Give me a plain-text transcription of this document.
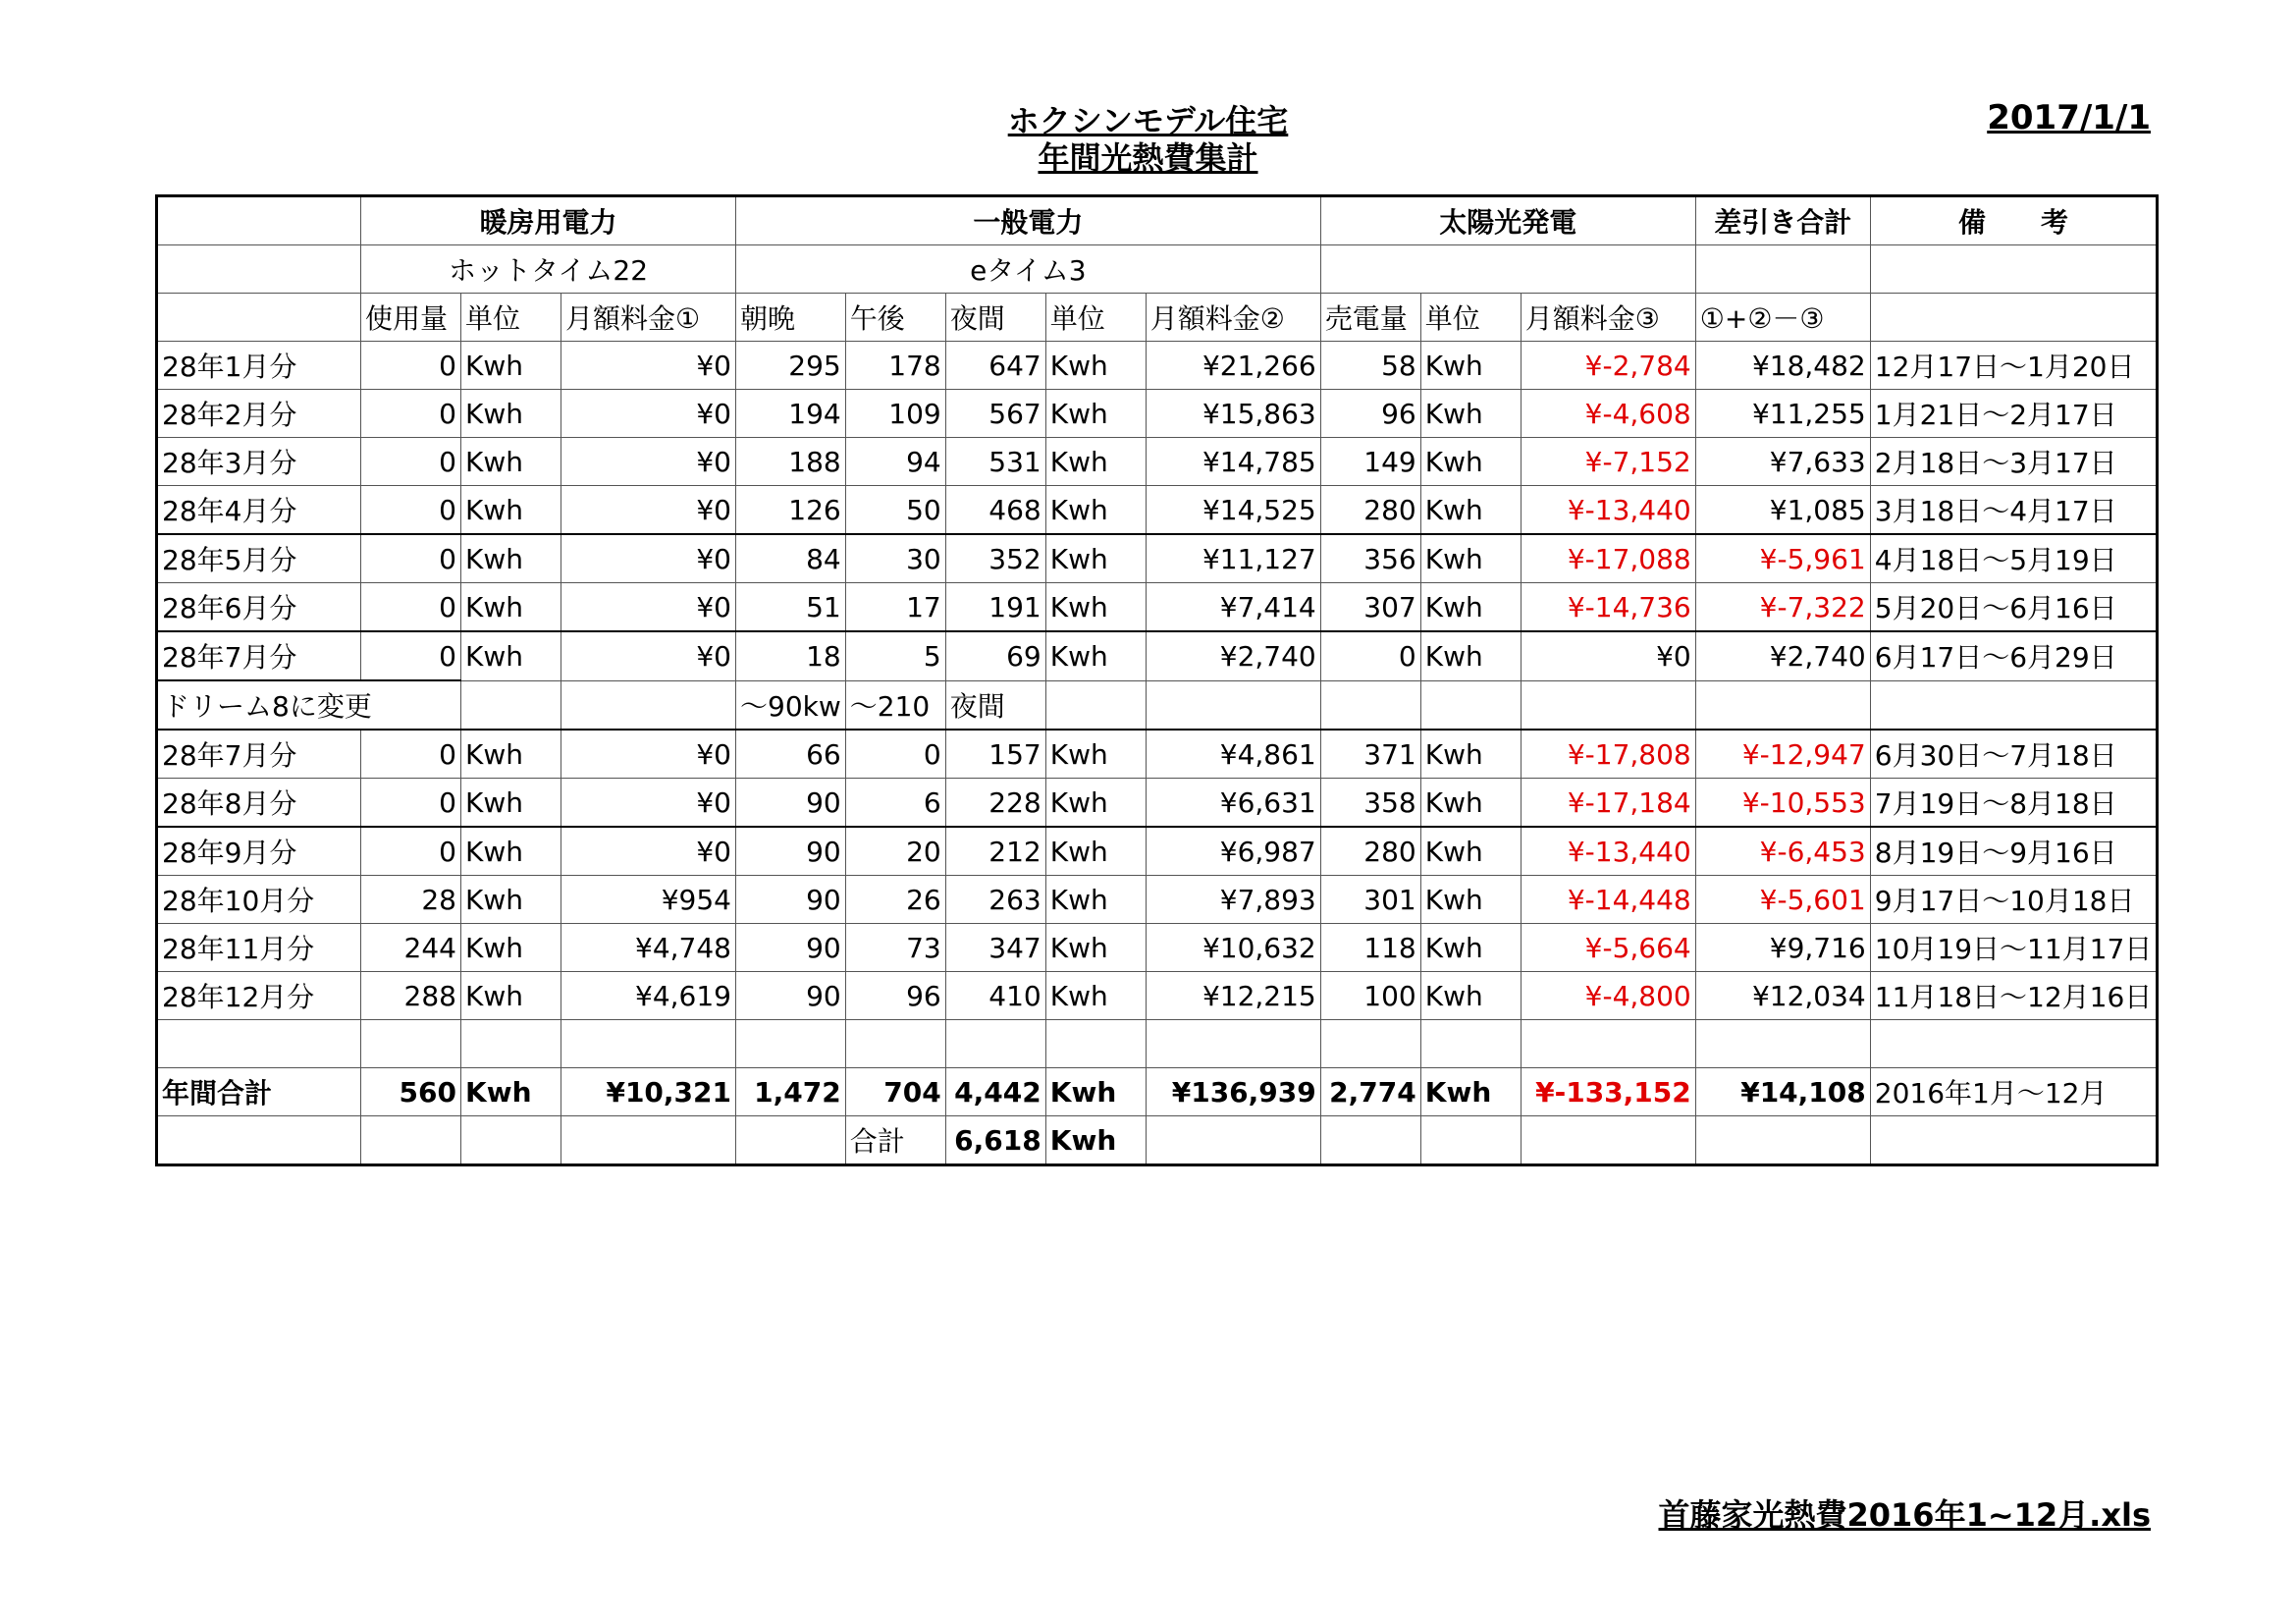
ホクシンモデル住宅
年間光熱費集計
2017/1/1
	暖房用電力			一般電力					太陽光発電			差引き合計	備　　考
	ホットタイム22			eタイム3									
	使用量	単位	月額料金①	朝晩	午後	夜間	単位	月額料金②	売電量	単位	月額料金③	①+②－③	
28年1月分	0	Kwh	¥0	295	178	647	Kwh	¥21,266	58	Kwh	¥-2,784	¥18,482	12月17日～1月20日
28年2月分	0	Kwh	¥0	194	109	567	Kwh	¥15,863	96	Kwh	¥-4,608	¥11,255	1月21日～2月17日
28年3月分	0	Kwh	¥0	188	94	531	Kwh	¥14,785	149	Kwh	¥-7,152	¥7,633	2月18日～3月17日
28年4月分	0	Kwh	¥0	126	50	468	Kwh	¥14,525	280	Kwh	¥-13,440	¥1,085	3月18日～4月17日
28年5月分	0	Kwh	¥0	84	30	352	Kwh	¥11,127	356	Kwh	¥-17,088	¥-5,961	4月18日～5月19日
28年6月分	0	Kwh	¥0	51	17	191	Kwh	¥7,414	307	Kwh	¥-14,736	¥-7,322	5月20日～6月16日
28年7月分	0	Kwh	¥0	18	5	69	Kwh	¥2,740	0	Kwh	¥0	¥2,740	6月17日～6月29日
ドリーム8に変更				～90kw	～210	夜間							
28年7月分	0	Kwh	¥0	66	0	157	Kwh	¥4,861	371	Kwh	¥-17,808	¥-12,947	6月30日～7月18日
28年8月分	0	Kwh	¥0	90	6	228	Kwh	¥6,631	358	Kwh	¥-17,184	¥-10,553	7月19日～8月18日
28年9月分	0	Kwh	¥0	90	20	212	Kwh	¥6,987	280	Kwh	¥-13,440	¥-6,453	8月19日～9月16日
28年10月分	28	Kwh	¥954	90	26	263	Kwh	¥7,893	301	Kwh	¥-14,448	¥-5,601	9月17日～10月18日
28年11月分	244	Kwh	¥4,748	90	73	347	Kwh	¥10,632	118	Kwh	¥-5,664	¥9,716	10月19日～11月17日
28年12月分	288	Kwh	¥4,619	90	96	410	Kwh	¥12,215	100	Kwh	¥-4,800	¥12,034	11月18日～12月16日

年間合計	560	Kwh	¥10,321	1,472	704	4,442	Kwh	¥136,939	2,774	Kwh	¥-133,152	¥14,108	2016年1月～12月
					合計	6,618	Kwh						
首藤家光熱費2016年1~12月.xls
